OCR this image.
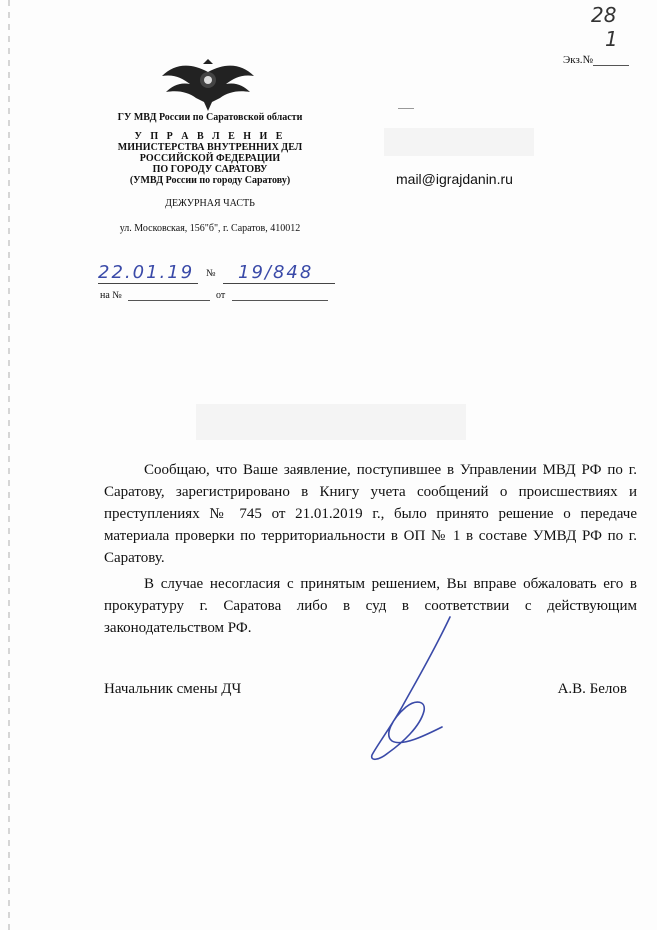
28
1
Экз.№
ГУ МВД России по Саратовской области
У П Р А В Л Е Н И Е
МИНИСТЕРСТВА ВНУТРЕННИХ ДЕЛ
РОССИЙСКОЙ ФЕДЕРАЦИИ
ПО ГОРОДУ САРАТОВУ
(УМВД России по городу Саратову)
ДЕЖУРНАЯ ЧАСТЬ
ул. Московская, 156"б", г. Саратов, 410012
mail@igrajdanin.ru
22.01.19 № 19/848
на №	от

Сообщаю, что Ваше заявление, поступившее в Управлении МВД РФ по г. Саратову, зарегистрировано в Книгу учета сообщений о происшествиях и преступлениях № 745 от 21.01.2019 г., было принято решение о передаче материала проверки по территориальности в ОП № 1 в составе УМВД РФ по г. Саратову.

В случае несогласия с принятым решением, Вы вправе обжаловать его в прокуратуру г. Саратова либо в суд в соответствии с действующим законодательством РФ.

Начальник смены ДЧ	А.В. Белов
